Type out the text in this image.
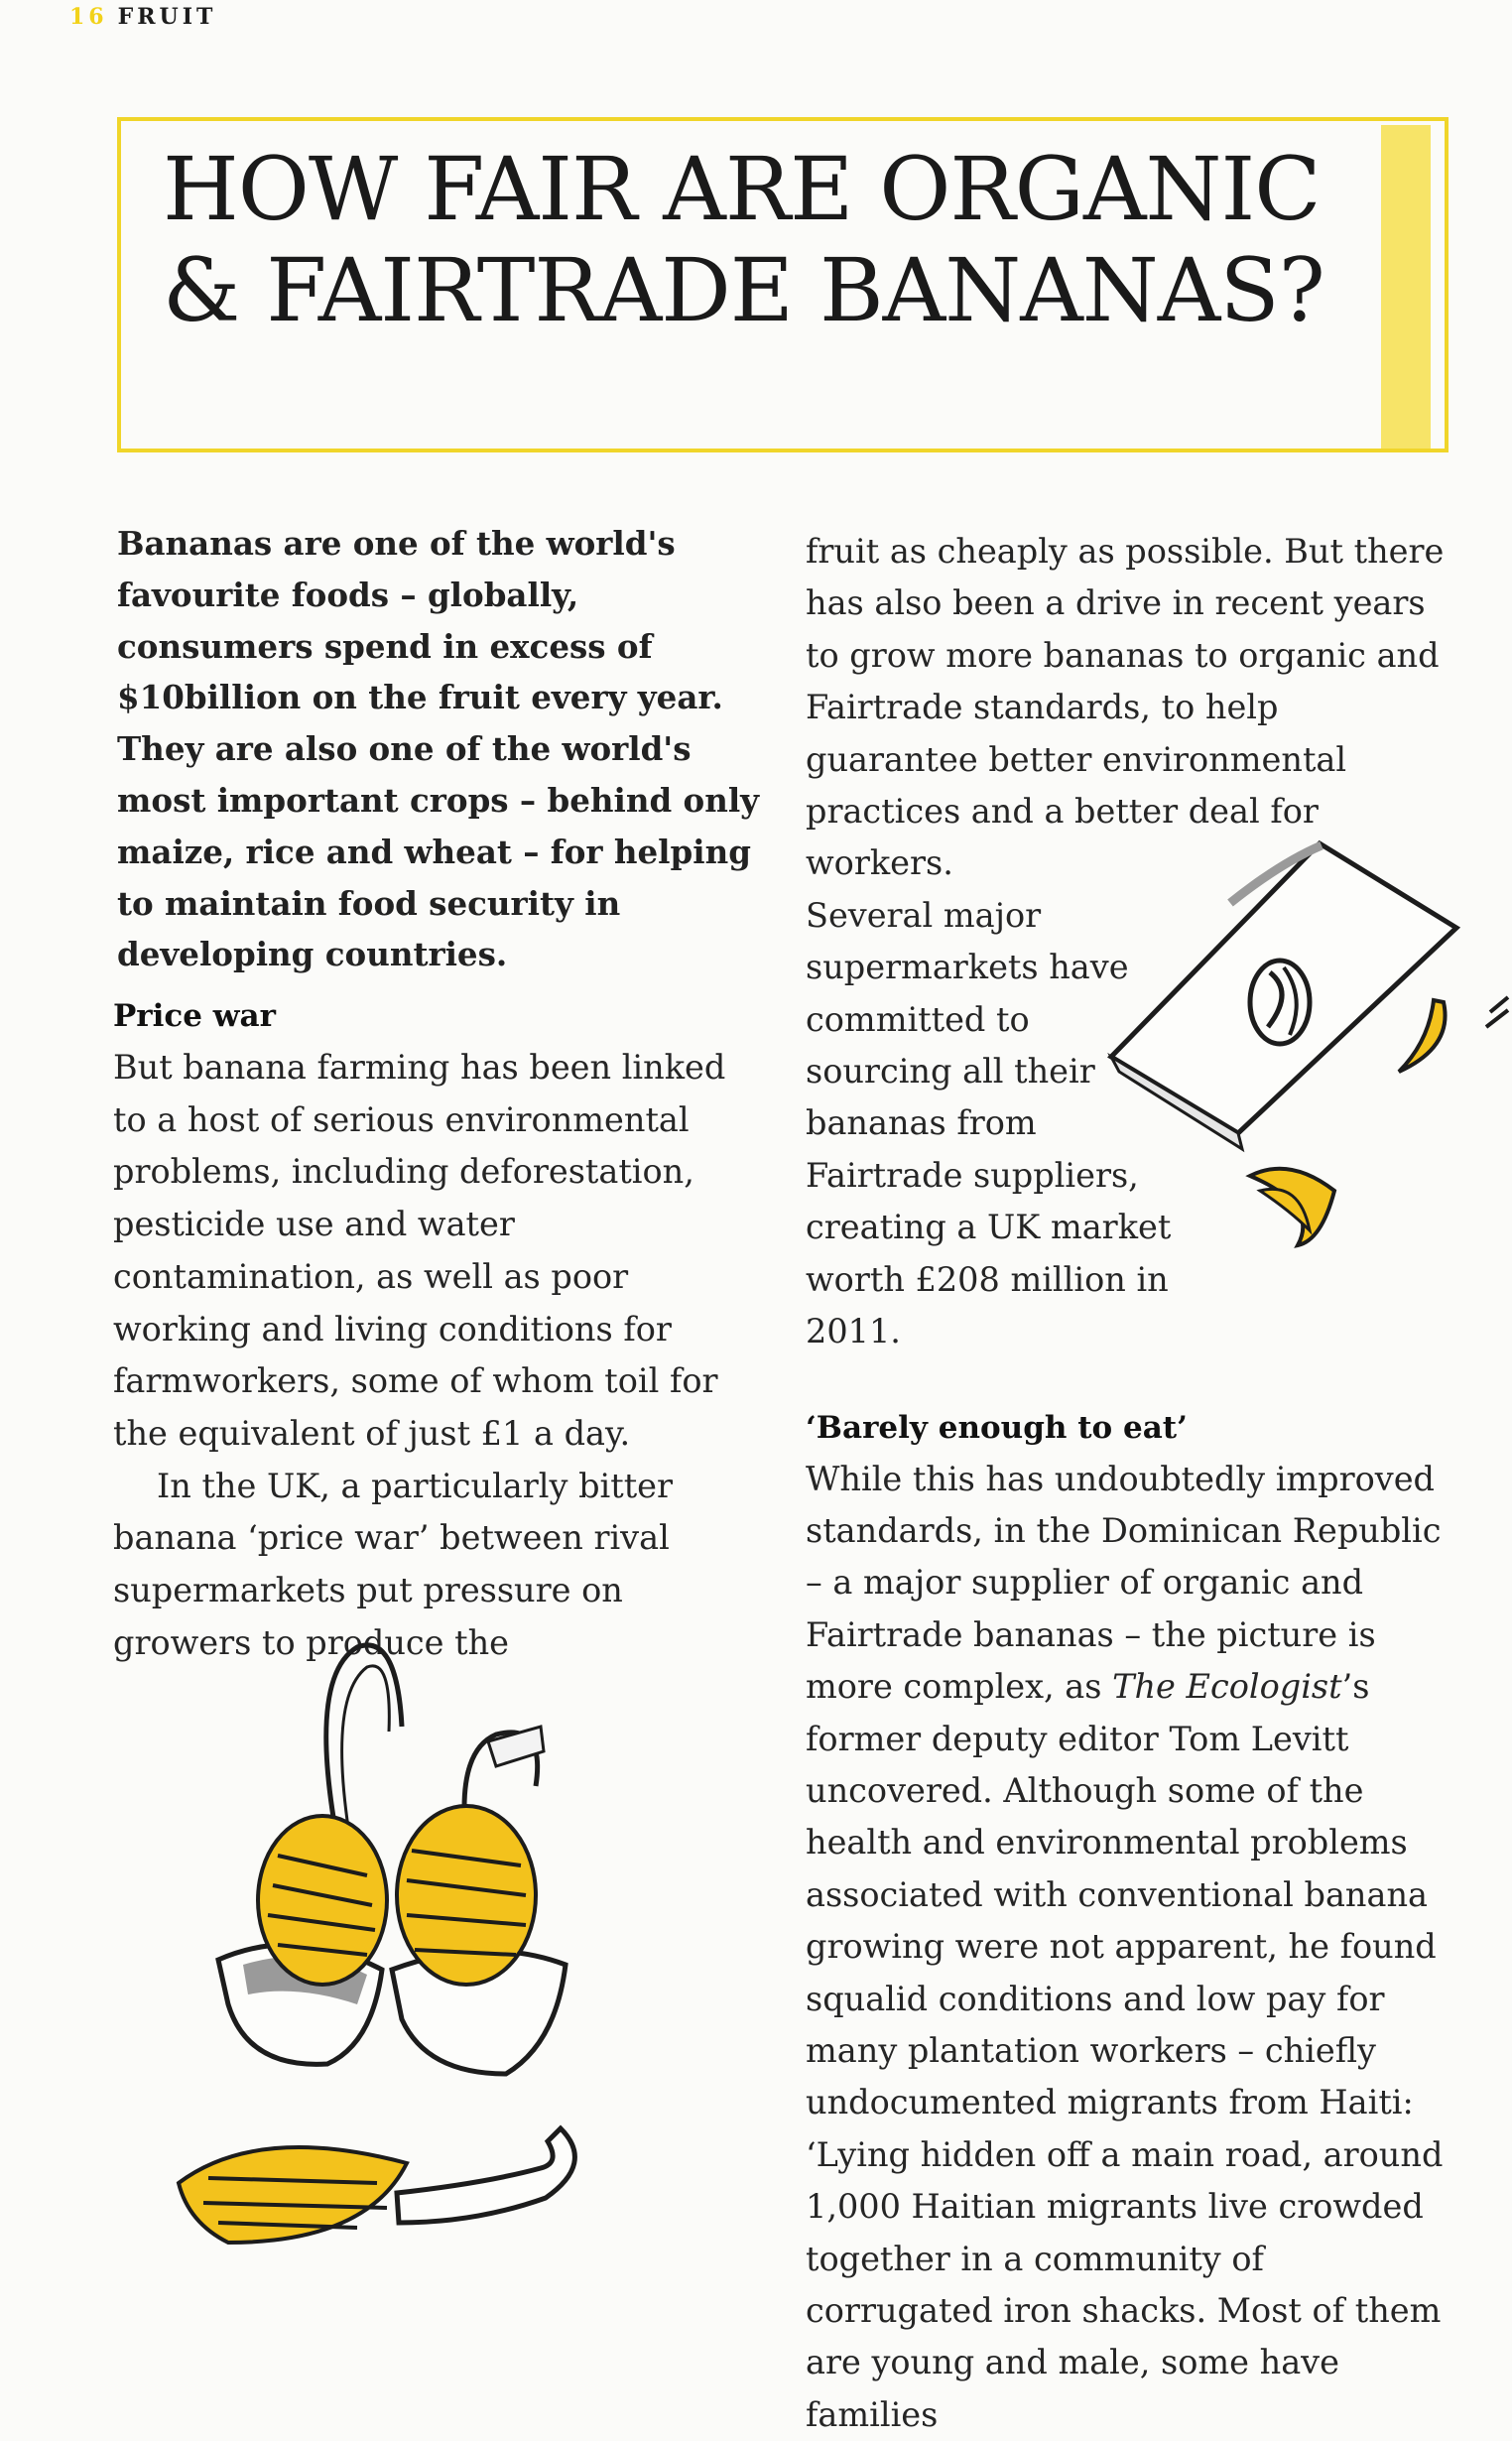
16 FRUIT
HOW FAIR ARE ORGANIC
& FAIRTRADE BANANAS?

Bananas are one of the world's favourite foods – globally, consumers spend in excess of $10billion on the fruit every year. They are also one of the world's most important crops – behind only maize, rice and wheat – for helping to maintain food security in developing countries.

Price war

But banana farming has been linked to a host of serious environmental problems, including deforestation, pesticide use and water contamination, as well as poor working and living conditions for farmworkers, some of whom toil for the equivalent of just £1 a day.

In the UK, a particularly bitter banana ‘price war’ between rival supermarkets put pressure on growers to produce the

fruit as cheaply as possible. But there has also been a drive in recent years to grow more bananas to organic and Fairtrade standards, to help guarantee better environmental practices and a better deal for workers.

Several major supermarkets have committed to sourcing all their bananas from Fairtrade suppliers, creating a UK market worth £208 million in 2011.

‘Barely enough to eat’

While this has undoubtedly improved standards, in the Dominican Republic – a major supplier of organic and Fairtrade bananas – the picture is more complex, as The Ecologist’s former deputy editor Tom Levitt uncovered. Although some of the health and environmental problems associated with conventional banana growing were not apparent, he found squalid conditions and low pay for many plantation workers – chiefly undocumented migrants from Haiti: ‘Lying hidden off a main road, around 1,000 Haitian migrants live crowded together in a community of corrugated iron shacks. Most of them are young and male, some have families
